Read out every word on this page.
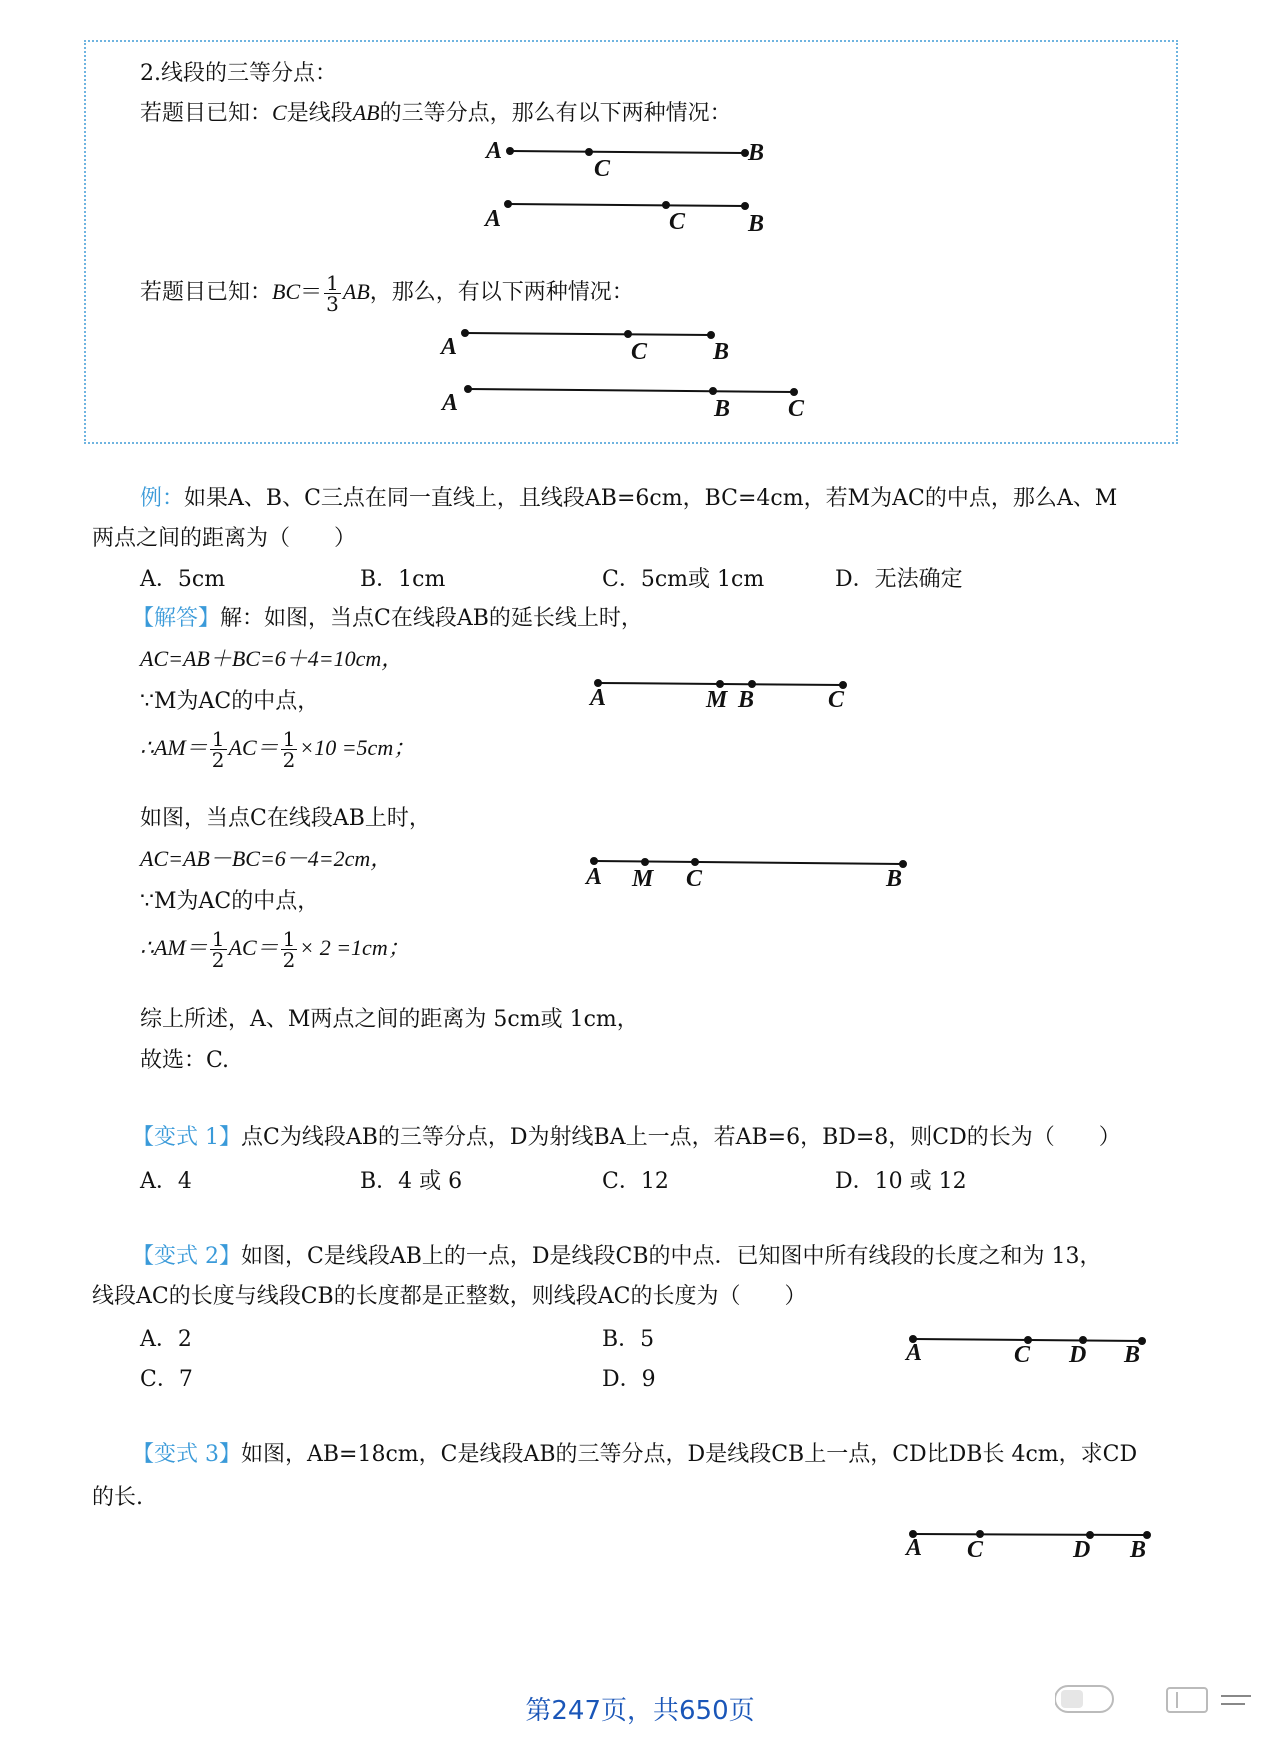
2.线段的三等分点：
若题目已知：C是线段AB的三等分点，那么有以下两种情况：
A
C
B
A	C	B
若题目已知：$BC= \frac{1}{3}$ AB，那么，有以下两种情况：
A	C	B
A	B C
例：如果A、B、C三点在同一直线上，且线段AB=6cm，BC=4cm，若M为AC的中点，那么A、M
两点之间的距离为（　　）
A．5cm	B．1cm	C．5cm或 1cm	D．无法确定
【解答】解：如图，当点C在线段AB的延长线上时，
AC=AB＋BC=6＋4=10cm，
∵M为AC的中点，	A	M B	C
∴AM＝ $\frac{1}{2} AC= \frac{1}{2} \times 10 =5cm$；
如图，当点C在线段AB上时，
AC=AB－BC=6－4=2cm，
A M C	B
∵M为AC的中点，
∴AM＝ $\frac{1}{2} AC= \frac{1}{2} \times 2 =1cm$；
综上所述，A、M两点之间的距离为 5cm或 1cm，
故选：C.
【变式 1】点C为线段AB的三等分点，D为射线BA上一点，若AB=6，BD=8，则CD的长为（　　）
A．4	B．4 或 6	C．12	D．10 或 12
【变式 2】如图，C是线段AB上的一点，D是线段CB的中点．已知图中所有线段的长度之和为 13，
线段AC的长度与线段CB的长度都是正整数，则线段AC的长度为（　　）
A．2	B．5
C．7	D．9
A	C D B
【变式 3】如图，AB=18cm，C是线段AB的三等分点，D是线段CB上一点，CD比DB长 4cm，求CD
的长.
A C	D B
第247页，共650页
